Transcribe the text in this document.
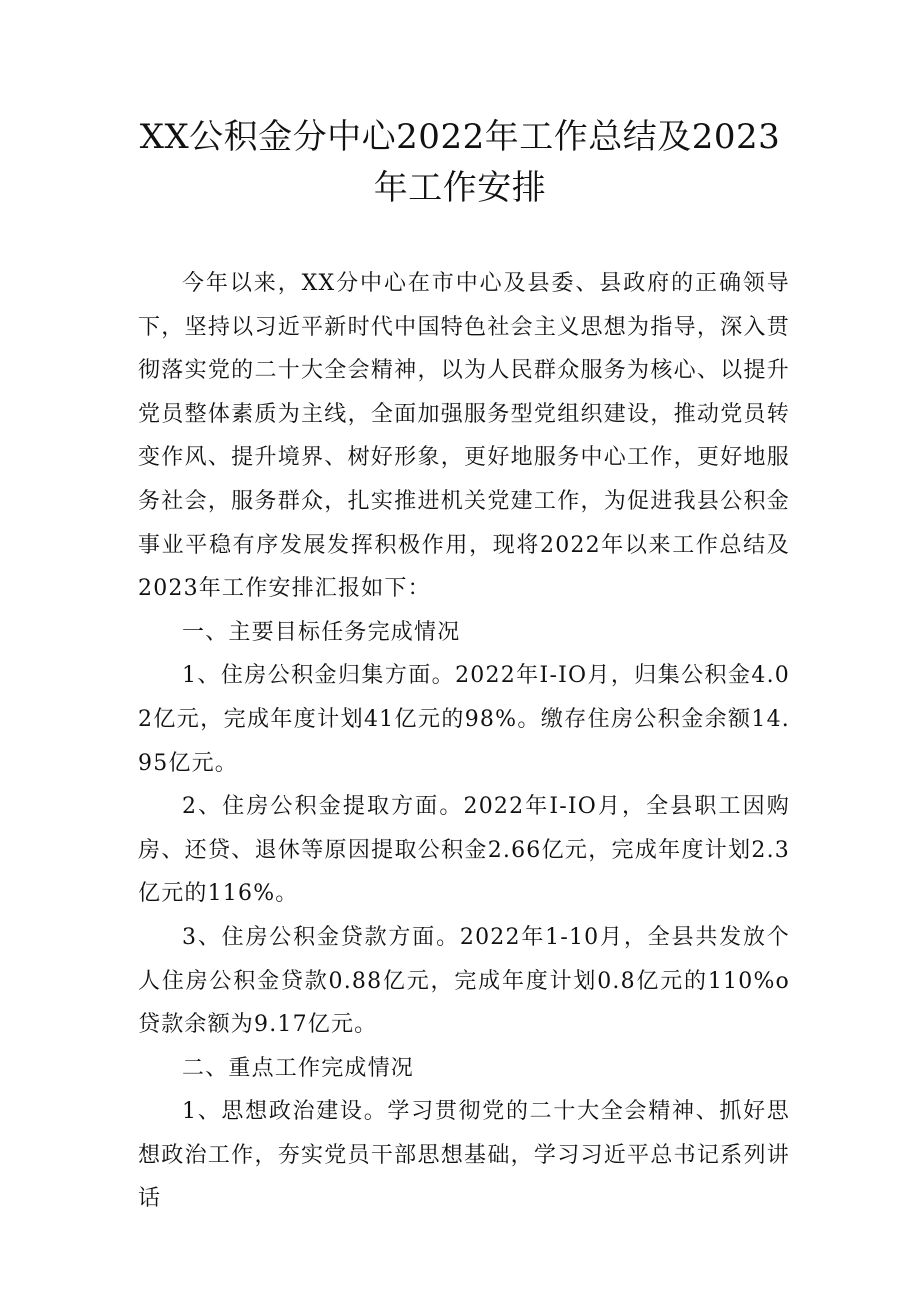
XX公积金分中心2022年工作总结及2023
年工作安排

今年以来，XX分中心在市中心及县委、县政府的正确领导下，坚持以习近平新时代中国特色社会主义思想为指导，深入贯彻落实党的二十大全会精神，以为人民群众服务为核心、以提升党员整体素质为主线，全面加强服务型党组织建设，推动党员转变作风、提升境界、树好形象，更好地服务中心工作，更好地服务社会，服务群众，扎实推进机关党建工作，为促进我县公积金事业平稳有序发展发挥积极作用，现将2022年以来工作总结及2023年工作安排汇报如下：

一、主要目标任务完成情况

1、住房公积金归集方面。2022年I-IO月，归集公积金4.02亿元，完成年度计划41亿元的98%。缴存住房公积金余额14.95亿元。

2、住房公积金提取方面。2022年I-IO月，全县职工因购房、还贷、退休等原因提取公积金2.66亿元，完成年度计划2.3亿元的116%。

3、住房公积金贷款方面。2022年1-10月，全县共发放个人住房公积金贷款0.88亿元，完成年度计划0.8亿元的110%o贷款余额为9.17亿元。

二、重点工作完成情况

1、思想政治建设。学习贯彻党的二十大全会精神、抓好思想政治工作，夯实党员干部思想基础，学习习近平总书记系列讲话
